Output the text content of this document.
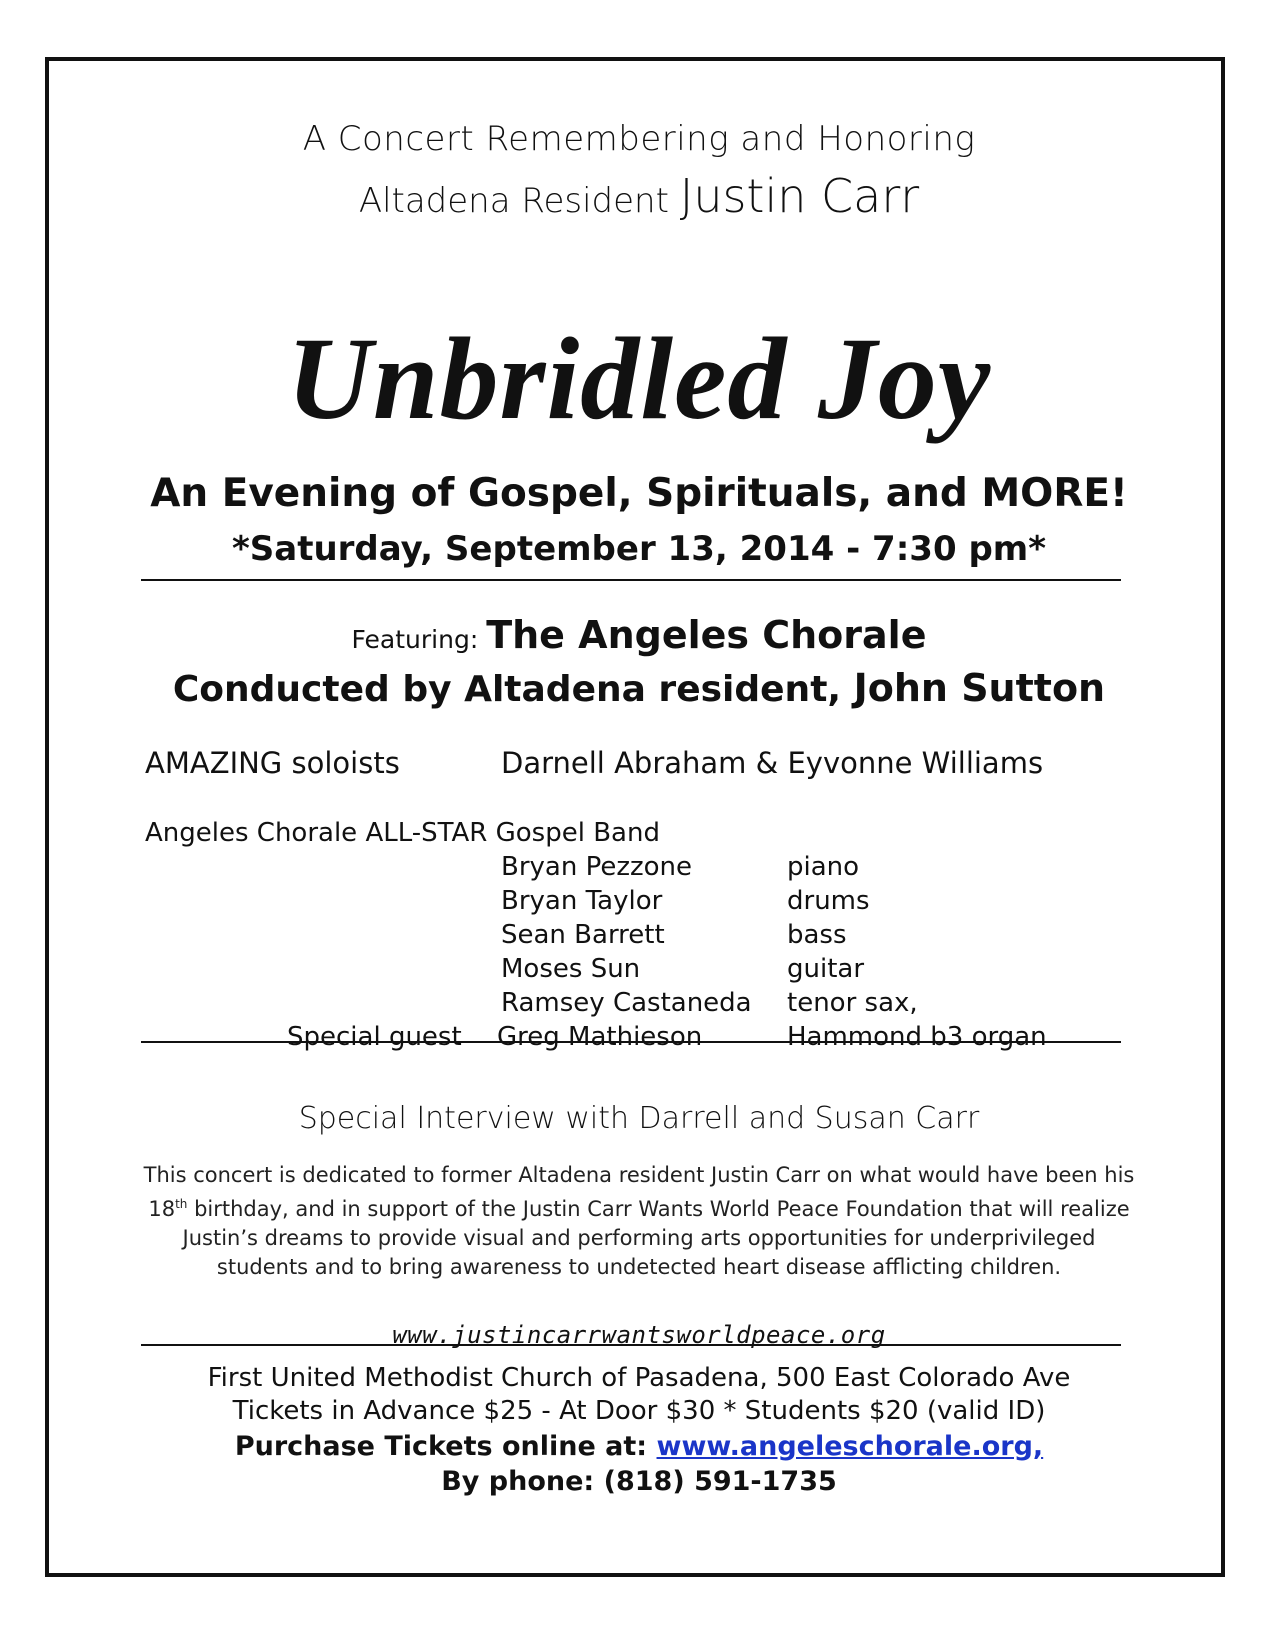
A Concert Remembering and Honoring
Altadena Resident Justin Carr
Unbridled Joy
An Evening of Gospel, Spirituals, and MORE!
*Saturday, September 13, 2014 - 7:30 pm*
Featuring: The Angeles Chorale
Conducted by Altadena resident, John Sutton
AMAZING soloists	Darnell Abraham & Eyvonne Williams
Angeles Chorale ALL-STAR Gospel Band
Bryan Pezzone	piano
Bryan Taylor	drums
Sean Barrett	bass
Moses Sun	guitar
Ramsey Castaneda tenor sax,
Special guest Greg Mathieson	Hammond b3 organ
Special Interview with Darrell and Susan Carr
This concert is dedicated to former Altadena resident Justin Carr on what would have been his 18th birthday, and in support of the Justin Carr Wants World Peace Foundation that will realize Justin’s dreams to provide visual and performing arts opportunities for underprivileged students and to bring awareness to undetected heart disease afflicting children.
www.justincarrwantsworldpeace.org
First United Methodist Church of Pasadena, 500 East Colorado Ave
Tickets in Advance $25 - At Door $30 * Students $20 (valid ID)
Purchase Tickets online at: www.angeleschorale.org,
By phone: (818) 591-1735
